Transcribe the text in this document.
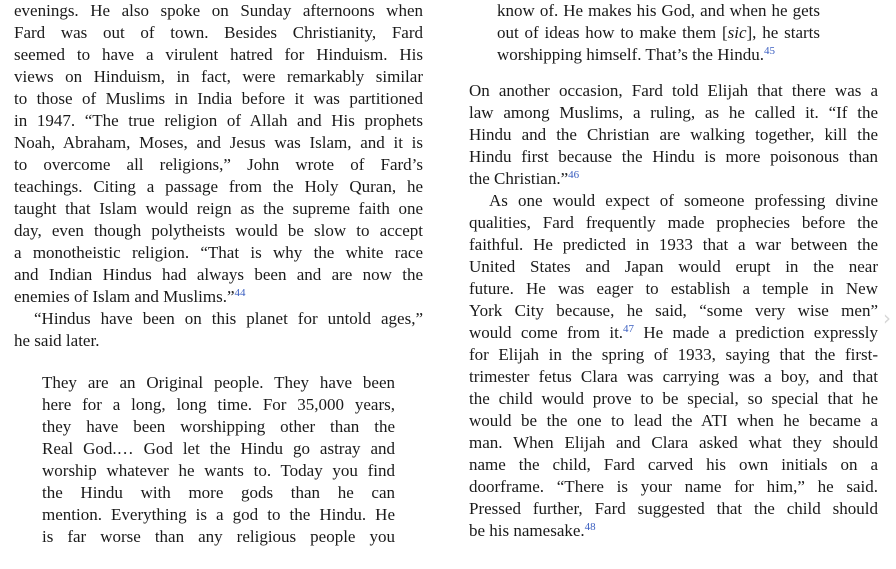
evenings. He also spoke on Sunday afternoons when
Fard was out of town. Besides Christianity, Fard
seemed to have a virulent hatred for Hinduism. His
views on Hinduism, in fact, were remarkably similar
to those of Muslims in India before it was partitioned
in 1947. “The true religion of Allah and His prophets
Noah, Abraham, Moses, and Jesus was Islam, and it is
to overcome all religions,” John wrote of Fard’s
teachings. Citing a passage from the Holy Quran, he
taught that Islam would reign as the supreme faith one
day, even though polytheists would be slow to accept
a monotheistic religion. “That is why the white race
and Indian Hindus had always been and are now the
enemies of Islam and Muslims.”$^{44}$
“Hindus have been on this planet for untold ages,”
he said later.
They are an Original people. They have been
here for a long, long time. For 35,000 years,
they have been worshipping other than the
Real God.… God let the Hindu go astray and
worship whatever he wants to. Today you find
the Hindu with more gods than he can
mention. Everything is a god to the Hindu. He
is far worse than any religious people you
know of. He makes his God, and when he gets
out of ideas how to make them [sic], he starts
worshipping himself. That’s the Hindu.$^{45}$
On another occasion, Fard told Elijah that there was a
law among Muslims, a ruling, as he called it. “If the
Hindu and the Christian are walking together, kill the
Hindu first because the Hindu is more poisonous than
the Christian.”$^{46}$
As one would expect of someone professing divine
qualities, Fard frequently made prophecies before the
faithful. He predicted in 1933 that a war between the
United States and Japan would erupt in the near
future. He was eager to establish a temple in New
York City because, he said, “some very wise men”
would come from it.$^{47}$ He made a prediction expressly
for Elijah in the spring of 1933, saying that the first-
trimester fetus Clara was carrying was a boy, and that
the child would prove to be special, so special that he
would be the one to lead the ATI when he became a
man. When Elijah and Clara asked what they should
name the child, Fard carved his own initials on a
doorframe. “There is your name for him,” he said.
Pressed further, Fard suggested that the child should
be his namesake.$^{48}$
›
